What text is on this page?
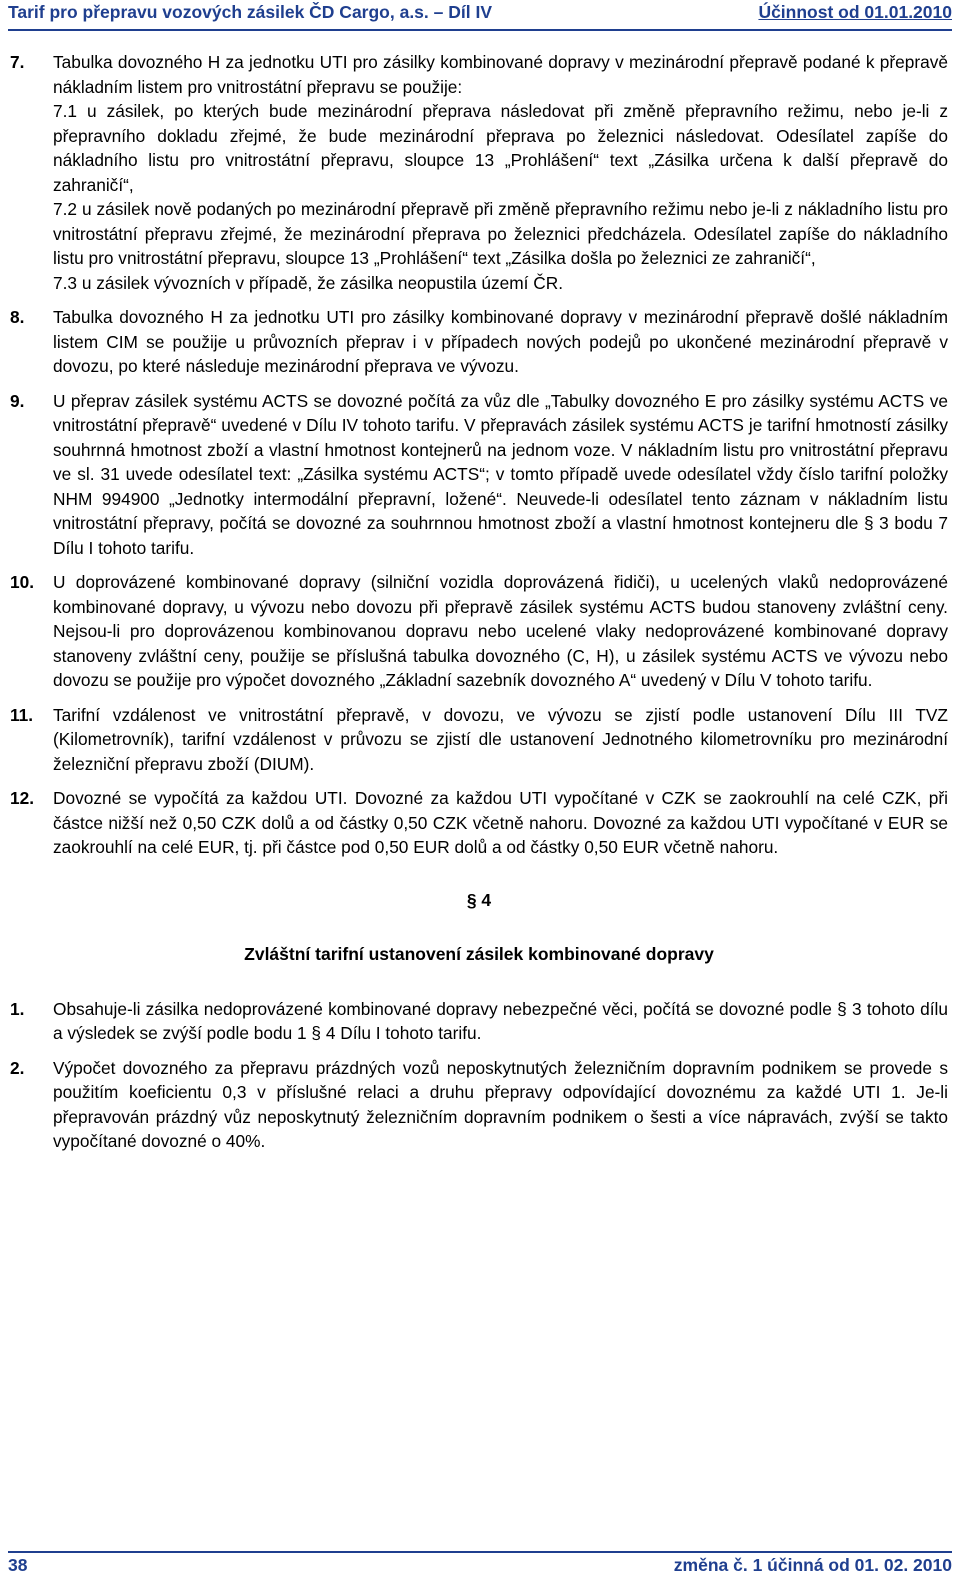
Tarif pro přepravu vozových zásilek ČD Cargo, a.s. – Díl IV	Účinnost od 01.01.2010
7.	Tabulka dovozného H za jednotku UTI pro zásilky kombinované dopravy v mezinárodní přepravě podané k přepravě nákladním listem pro vnitrostátní přepravu se použije:

7.1 u zásilek, po kterých bude mezinárodní přeprava následovat při změně přepravního režimu, nebo je-li z přepravního dokladu zřejmé, že bude mezinárodní přeprava po železnici následovat. Odesílatel zapíše do nákladního listu pro vnitrostátní přepravu, sloupce 13 „Prohlášení“ text „Zásilka určena k další přepravě do zahraničí“,

7.2 u zásilek nově podaných po mezinárodní přepravě při změně přepravního režimu nebo je-li z nákladního listu pro vnitrostátní přepravu zřejmé, že mezinárodní přeprava po železnici předcházela. Odesílatel zapíše do nákladního listu pro vnitrostátní přepravu, sloupce 13 „Prohlášení“ text „Zásilka došla po železnici ze zahraničí“,

7.3 u zásilek vývozních v případě, že zásilka neopustila území ČR.

8.	Tabulka dovozného H za jednotku UTI pro zásilky kombinované dopravy v mezinárodní přepravě došlé nákladním listem CIM se použije u průvozních přeprav i v případech nových podejů po ukončené mezinárodní přepravě v dovozu, po které následuje mezinárodní přeprava ve vývozu.
9.	U přeprav zásilek systému ACTS se dovozné počítá za vůz dle „Tabulky dovozného E pro zásilky systému ACTS ve vnitrostátní přepravě“ uvedené v Dílu IV tohoto tarifu. V přepravách zásilek systému ACTS je tarifní hmotností zásilky souhrnná hmotnost zboží a vlastní hmotnost kontejnerů na jednom voze. V nákladním listu pro vnitrostátní přepravu ve sl. 31 uvede odesílatel text: „Zásilka systému ACTS“; v tomto případě uvede odesílatel vždy číslo tarifní položky NHM 994900 „Jednotky intermodální přepravní, ložené“. Neuvede-li odesílatel tento záznam v nákladním listu vnitrostátní přepravy, počítá se dovozné za souhrnnou hmotnost zboží a vlastní hmotnost kontejneru dle § 3 bodu 7 Dílu I tohoto tarifu.
10.	U doprovázené kombinované dopravy (silniční vozidla doprovázená řidiči), u ucelených vlaků nedoprovázené kombinované dopravy, u vývozu nebo dovozu při přepravě zásilek systému ACTS budou stanoveny zvláštní ceny. Nejsou-li pro doprovázenou kombinovanou dopravu nebo ucelené vlaky nedoprovázené kombinované dopravy stanoveny zvláštní ceny, použije se příslušná tabulka dovozného (C, H), u zásilek systému ACTS ve vývozu nebo dovozu se použije pro výpočet dovozného „Základní sazebník dovozného A“ uvedený v Dílu V tohoto tarifu.
11.	Tarifní vzdálenost ve vnitrostátní přepravě, v dovozu, ve vývozu se zjistí podle ustanovení Dílu III TVZ (Kilometrovník), tarifní vzdálenost v průvozu se zjistí dle ustanovení Jednotného kilometrovníku pro mezinárodní železniční přepravu zboží (DIUM).
12.	Dovozné se vypočítá za každou UTI. Dovozné za každou UTI vypočítané v CZK se zaokrouhlí na celé CZK, při částce nižší než 0,50 CZK dolů a od částky 0,50 CZK včetně nahoru. Dovozné za každou UTI vypočítané v EUR se zaokrouhlí na celé EUR, tj. při částce pod 0,50 EUR dolů a od částky 0,50 EUR včetně nahoru.
§ 4
Zvláštní tarifní ustanovení zásilek kombinované dopravy
1.	Obsahuje-li zásilka nedoprovázené kombinované dopravy nebezpečné věci, počítá se dovozné podle § 3 tohoto dílu a výsledek se zvýší podle bodu 1 § 4 Dílu I tohoto tarifu.
2.	Výpočet dovozného za přepravu prázdných vozů neposkytnutých železničním dopravním podnikem se provede s použitím koeficientu 0,3 v příslušné relaci a druhu přepravy odpovídající dovoznému za každé UTI 1. Je-li přepravován prázdný vůz neposkytnutý železničním dopravním podnikem o šesti a více nápravách, zvýší se takto vypočítané dovozné o 40%.
38	změna č. 1 účinná od 01. 02. 2010
